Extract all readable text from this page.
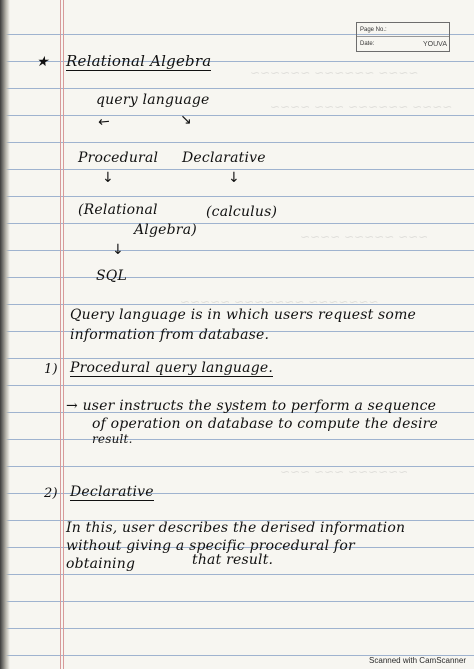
~~~~ ~~~~~~ ~~~~~~
~~~~ ~~~~~~ ~~~ ~~~~
~~~ ~~~~~ ~~~~
~~~~~~~ ~~~~~~~ ~~~~~
~~~~~~ ~~~ ~~~
Page No.:
Date:	YOUVA
★ Relational Algebra
query language
↙	↘
Procedural Declarative
↓	↓
(Relational	(calculus)
Algebra)
↓
SQL
Query language is in which users request some
information from database.
1) Procedural query language.
→ user instructs the system to perform a sequence
of operation on database to compute the desire
result.
2) Declarative
In this, user describes the derised information
without giving a specific procedural for
obtaining	that result.
Scanned with CamScanner
